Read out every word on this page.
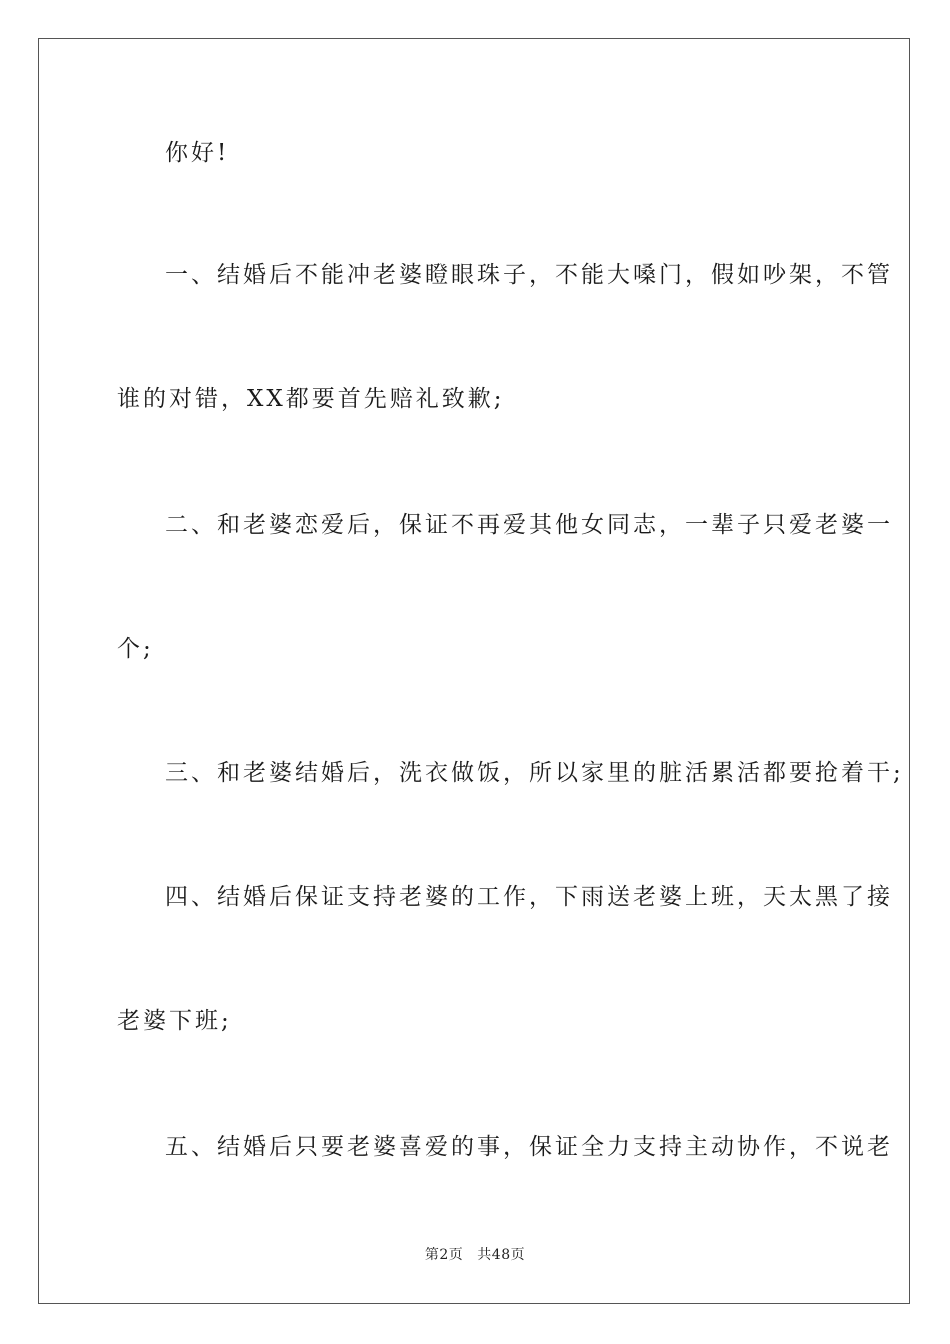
你好!
一、结婚后不能冲老婆瞪眼珠子，不能大嗓门，假如吵架，不管
谁的对错，XX都要首先赔礼致歉;
二、和老婆恋爱后，保证不再爱其他女同志，一辈子只爱老婆一
个;
三、和老婆结婚后，洗衣做饭，所以家里的脏活累活都要抢着干;
四、结婚后保证支持老婆的工作，下雨送老婆上班，天太黑了接
老婆下班;
五、结婚后只要老婆喜爱的事，保证全力支持主动协作，不说老
第2页 共48页
